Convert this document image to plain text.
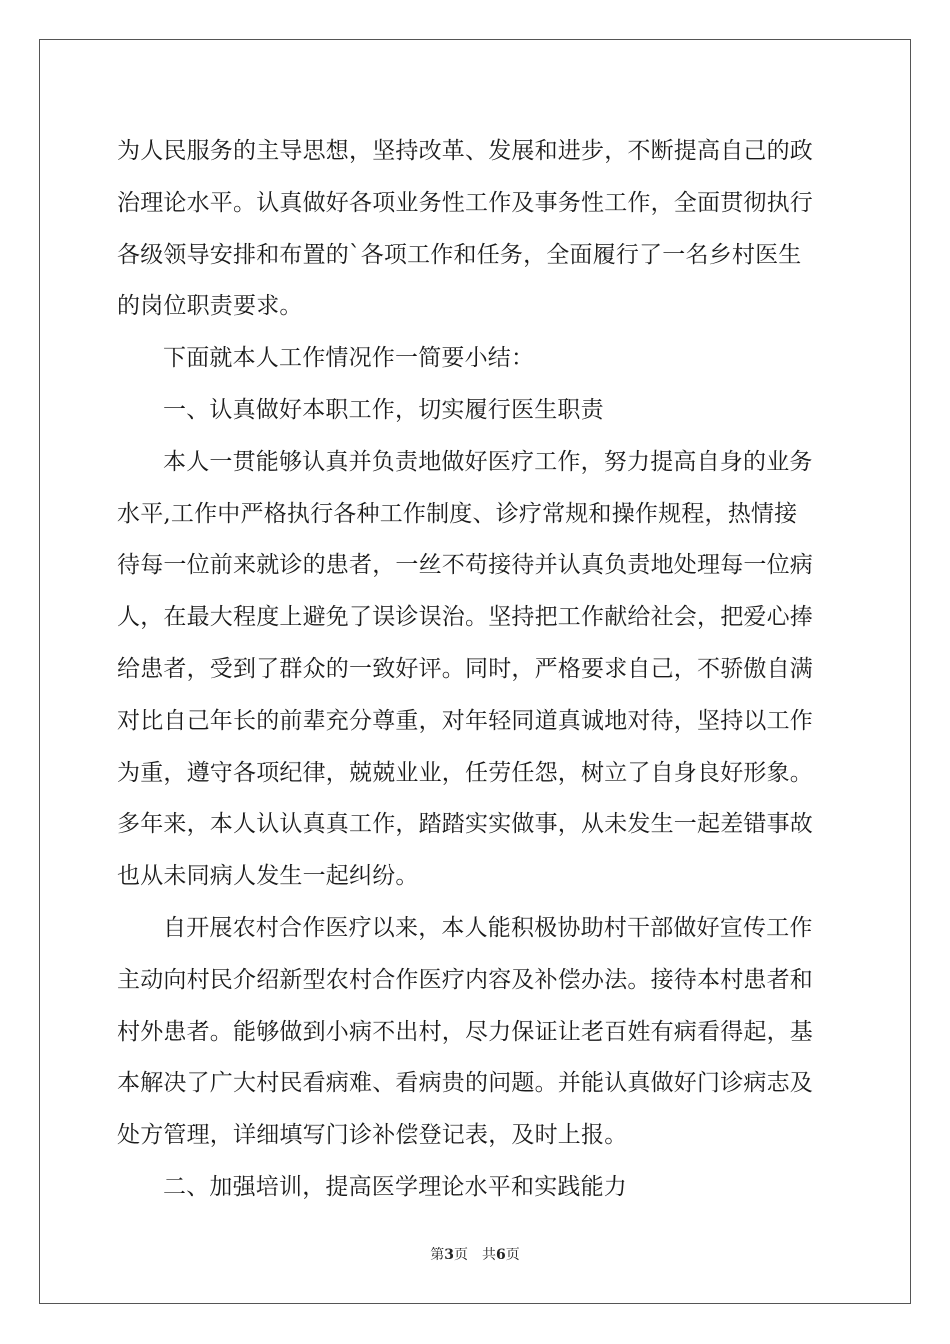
为人民服务的主导思想，坚持改革、发展和进步，不断提高自己的政
治理论水平。认真做好各项业务性工作及事务性工作，全面贯彻执行
各级领导安排和布置的`各项工作和任务，全面履行了一名乡村医生
的岗位职责要求。
下面就本人工作情况作一简要小结：
一、认真做好本职工作，切实履行医生职责
本人一贯能够认真并负责地做好医疗工作，努力提高自身的业务
水平,工作中严格执行各种工作制度、诊疗常规和操作规程，热情接
待每一位前来就诊的患者，一丝不苟接待并认真负责地处理每一位病
人，在最大程度上避免了误诊误治。坚持把工作献给社会，把爱心捧
给患者，受到了群众的一致好评。同时，严格要求自己，不骄傲自满
对比自己年长的前辈充分尊重，对年轻同道真诚地对待，坚持以工作
为重，遵守各项纪律，兢兢业业，任劳任怨，树立了自身良好形象。
多年来，本人认认真真工作，踏踏实实做事，从未发生一起差错事故
也从未同病人发生一起纠纷。
自开展农村合作医疗以来，本人能积极协助村干部做好宣传工作
主动向村民介绍新型农村合作医疗内容及补偿办法。接待本村患者和
村外患者。能够做到小病不出村，尽力保证让老百姓有病看得起，基
本解决了广大村民看病难、看病贵的问题。并能认真做好门诊病志及
处方管理，详细填写门诊补偿登记表，及时上报。
二、加强培训，提高医学理论水平和实践能力
第3页 共6页
